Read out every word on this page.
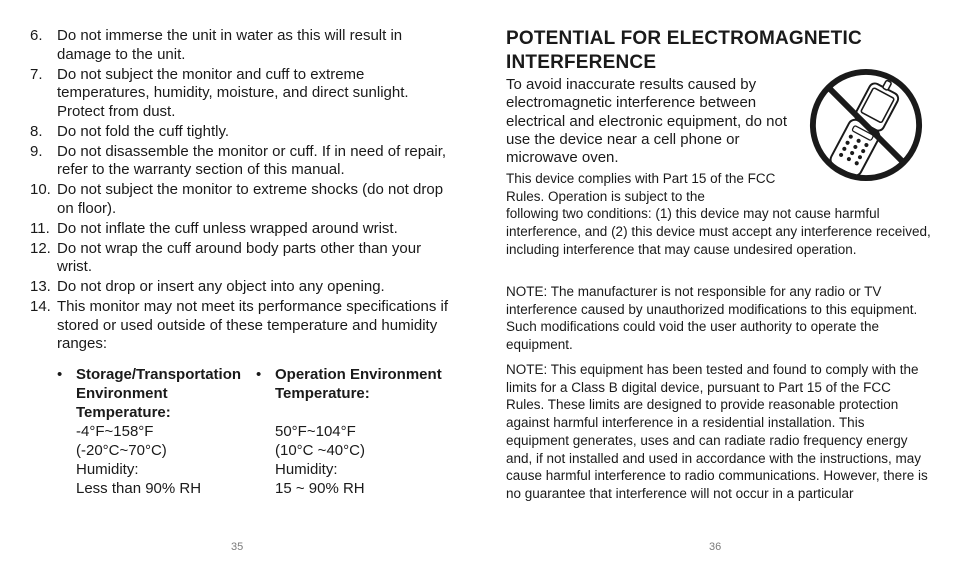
6. Do not immerse the unit in water as this will result in damage to the unit.
7. Do not subject the monitor and cuff to extreme temperatures, humidity, moisture, and direct sunlight. Protect from dust.
8. Do not fold the cuff tightly.
9. Do not disassemble the monitor or cuff. If in need of repair, refer to the warranty section of this manual.
10. Do not subject the monitor to extreme shocks (do not drop on floor).
11. Do not inflate the cuff unless wrapped around wrist.
12. Do not wrap the cuff around body parts other than your wrist.
13. Do not drop or insert any object into any opening.
14. This monitor may not meet its performance specifications if stored or used outside of these temperature and humidity ranges:
• Storage/Transportation Environment Temperature:
-4°F~158°F
(-20°C~70°C)
Humidity:
Less than 90% RH
• Operation Environment Temperature:
50°F~104°F
(10°C ~40°C)
Humidity:
15 ~ 90% RH
35
POTENTIAL FOR ELECTROMAGNETIC INTERFERENCE
To avoid inaccurate results caused by electromagnetic interference between electrical and electronic equipment, do not use the device near a cell phone or microwave oven.
This device complies with Part 15 of the FCC Rules. Operation is subject to the
following two conditions: (1) this device may not cause harmful interference, and (2) this device must accept any interference received, including interference that may cause undesired operation.
NOTE: The manufacturer is not responsible for any radio or TV interference caused by unauthorized modifications to this equipment. Such modifications could void the user authority to operate the equipment.
NOTE: This equipment has been tested and found to comply with the limits for a Class B digital device, pursuant to Part 15 of the FCC Rules. These limits are designed to provide reasonable protection against harmful interference in a residential installation. This equipment generates, uses and can radiate radio frequency energy and, if not installed and used in accordance with the instructions, may cause harmful interference to radio communications. However, there is no guarantee that interference will not occur in a particular
36
